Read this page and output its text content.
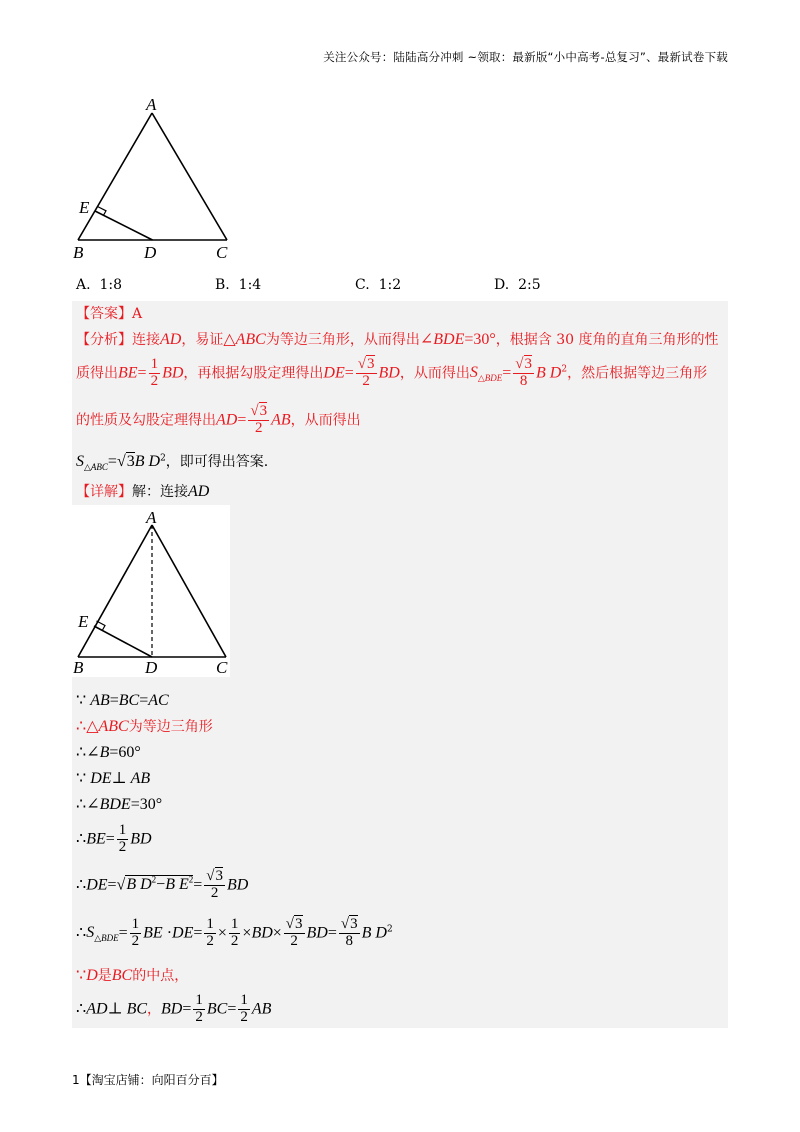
关注公众号：陆陆高分冲刺 ~领取：最新版“小中高考-总复习”、最新试卷下载
A
E
B	D	C
A. 1:8	B. 1:4	C. 1:2	D. 2:5
【答案】A
【分析】连接AD，易证△ABC为等边三角形，从而得出∠BDE=30°，根据含 30 度角的直角三角形的性
质得出$BE= \frac{1}{2}$ BD，再根据勾股定理得出$DE= \frac{√3}{2}$ BD，从而得出$S_{\triangle BDE}= \frac{√3}{8}$ B $D^2$，然后根据等边三角形
的性质及勾股定理得出$AD= \frac{√3}{2}$ AB，从而得出
$S_{\triangle ABC}=√3B$ $D^2$，即可得出答案.
【详解】解：连接AD
A
E
B	D	C
∵ AB=BC=AC
∴△ABC为等边三角形
∴∠B=60°
∵ DE⊥ AB
∴∠BDE=30°
∴BE= $\frac{1}{2}$ BD
∴DE=√B $D^2-B$ $E^2= \frac{√3}{2}$ BD
$\therefore S_{\triangle BDE}= \frac{1}{2}$ BE $\cdot DE= \frac{1}{2} \times \frac{1}{2} \times BD\times \frac{√3}{2} BD= \frac{√3}{8}$ B $D^2$
∵D是BC的中点，
∴AD⊥ BC，$BD= \frac{1}{2} BC= \frac{1}{2}$ AB
1【淘宝店铺：向阳百分百】
